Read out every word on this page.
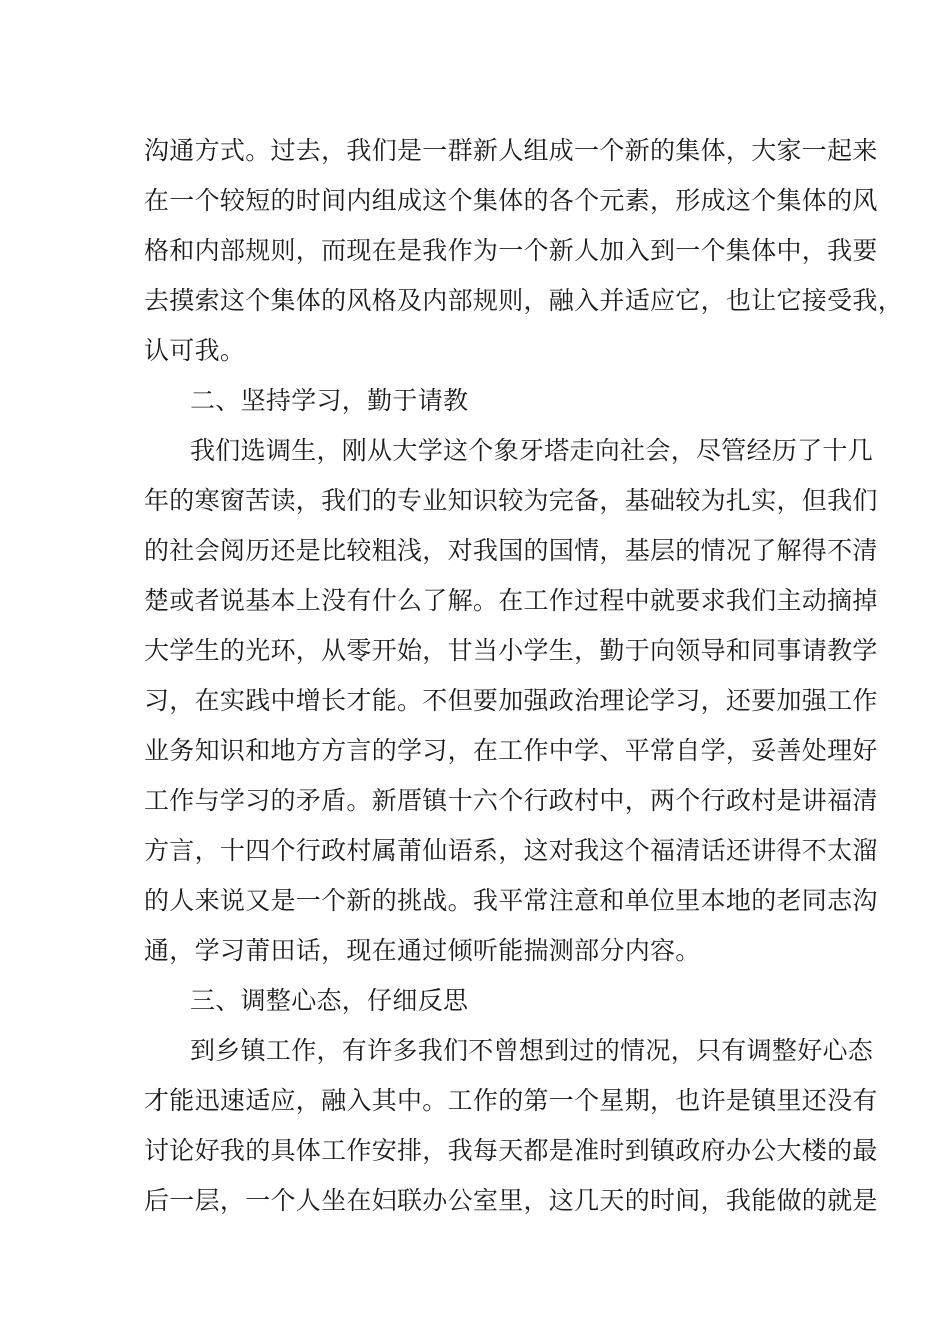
沟通方式。过去，我们是一群新人组成一个新的集体，大家一起来
在一个较短的时间内组成这个集体的各个元素，形成这个集体的风
格和内部规则，而现在是我作为一个新人加入到一个集体中，我要
去摸索这个集体的风格及内部规则，融入并适应它，也让它接受我，
认可我。
二、坚持学习，勤于请教
我们选调生，刚从大学这个象牙塔走向社会，尽管经历了十几
年的寒窗苦读，我们的专业知识较为完备，基础较为扎实，但我们
的社会阅历还是比较粗浅，对我国的国情，基层的情况了解得不清
楚或者说基本上没有什么了解。在工作过程中就要求我们主动摘掉
大学生的光环，从零开始，甘当小学生，勤于向领导和同事请教学
习，在实践中增长才能。不但要加强政治理论学习，还要加强工作
业务知识和地方方言的学习，在工作中学、平常自学，妥善处理好
工作与学习的矛盾。新厝镇十六个行政村中，两个行政村是讲福清
方言，十四个行政村属莆仙语系，这对我这个福清话还讲得不太溜
的人来说又是一个新的挑战。我平常注意和单位里本地的老同志沟
通，学习莆田话，现在通过倾听能揣测部分内容。
三、调整心态，仔细反思
到乡镇工作，有许多我们不曾想到过的情况，只有调整好心态
才能迅速适应，融入其中。工作的第一个星期，也许是镇里还没有
讨论好我的具体工作安排，我每天都是准时到镇政府办公大楼的最
后一层，一个人坐在妇联办公室里，这几天的时间，我能做的就是
